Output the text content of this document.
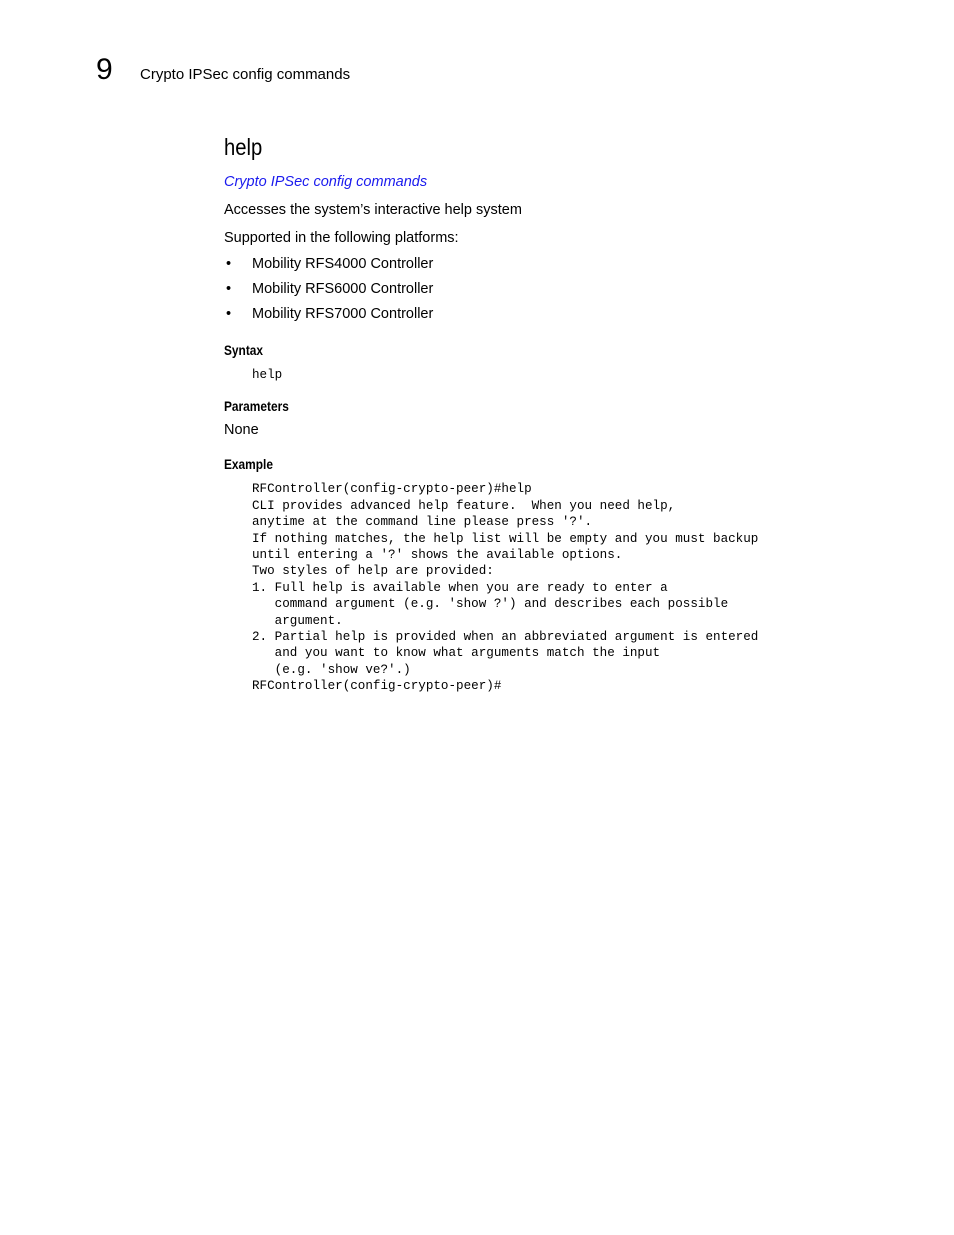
9 Crypto IPSec config commands
help
Crypto IPSec config commands
Accesses the system’s interactive help system
Supported in the following platforms:
• Mobility RFS4000 Controller
• Mobility RFS6000 Controller
• Mobility RFS7000 Controller
Syntax
help
Parameters
None
Example
RFController(config-crypto-peer)#help
CLI provides advanced help feature.  When you need help,
anytime at the command line please press '?'.
If nothing matches, the help list will be empty and you must backup
until entering a '?' shows the available options.
Two styles of help are provided:
1. Full help is available when you are ready to enter a
command argument (e.g. 'show ?') and describes each possible
argument.
2. Partial help is provided when an abbreviated argument is entered
and you want to know what arguments match the input
(e.g. 'show ve?'.)
RFController(config-crypto-peer)#
